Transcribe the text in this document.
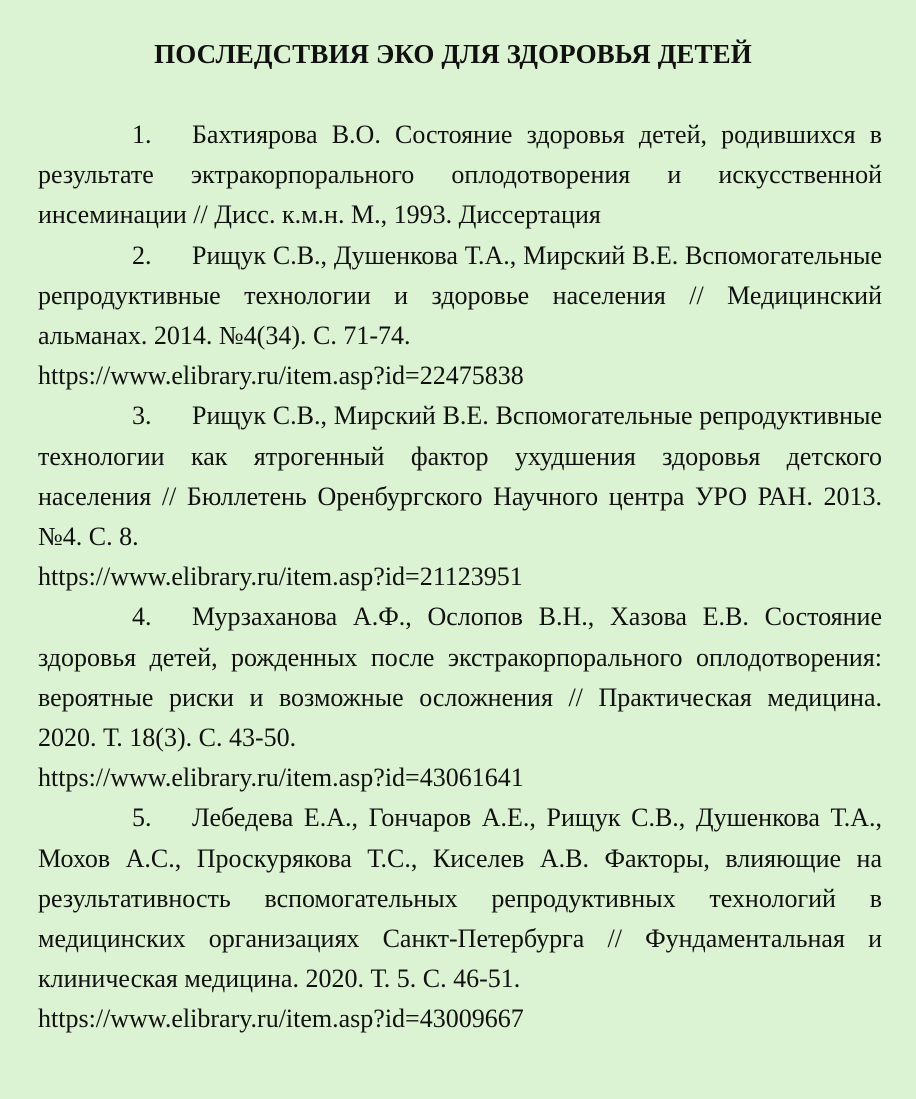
ПОСЛЕДСТВИЯ ЭКО ДЛЯ ЗДОРОВЬЯ ДЕТЕЙ
1. Бахтиярова В.О. Состояние здоровья детей, родившихся в результате эктракорпорального оплодотворения и искусственной инсеминации // Дисс. к.м.н. М., 1993. Диссертация
2. Рищук С.В., Душенкова Т.А., Мирский В.Е. Вспомогательные репродуктивные технологии и здоровье населения // Медицинский альманах. 2014. №4(34). С. 71-74.
https://www.elibrary.ru/item.asp?id=22475838
3. Рищук С.В., Мирский В.Е. Вспомогательные репродуктивные технологии как ятрогенный фактор ухудшения здоровья детского населения // Бюллетень Оренбургского Научного центра УРО РАН. 2013. №4. С. 8.
https://www.elibrary.ru/item.asp?id=21123951
4. Мурзаханова А.Ф., Ослопов В.Н., Хазова Е.В. Состояние здоровья детей, рожденных после экстракорпорального оплодотворения: вероятные риски и возможные осложнения // Практическая медицина. 2020. Т. 18(3). С. 43-50.
https://www.elibrary.ru/item.asp?id=43061641
5. Лебедева Е.А., Гончаров А.Е., Рищук С.В., Душенкова Т.А., Мохов А.С., Проскурякова Т.С., Киселев А.В. Факторы, влияющие на результативность вспомогательных репродуктивных технологий в медицинских организациях Санкт-Петербурга // Фундаментальная и клиническая медицина. 2020. Т. 5. С. 46-51.
https://www.elibrary.ru/item.asp?id=43009667
